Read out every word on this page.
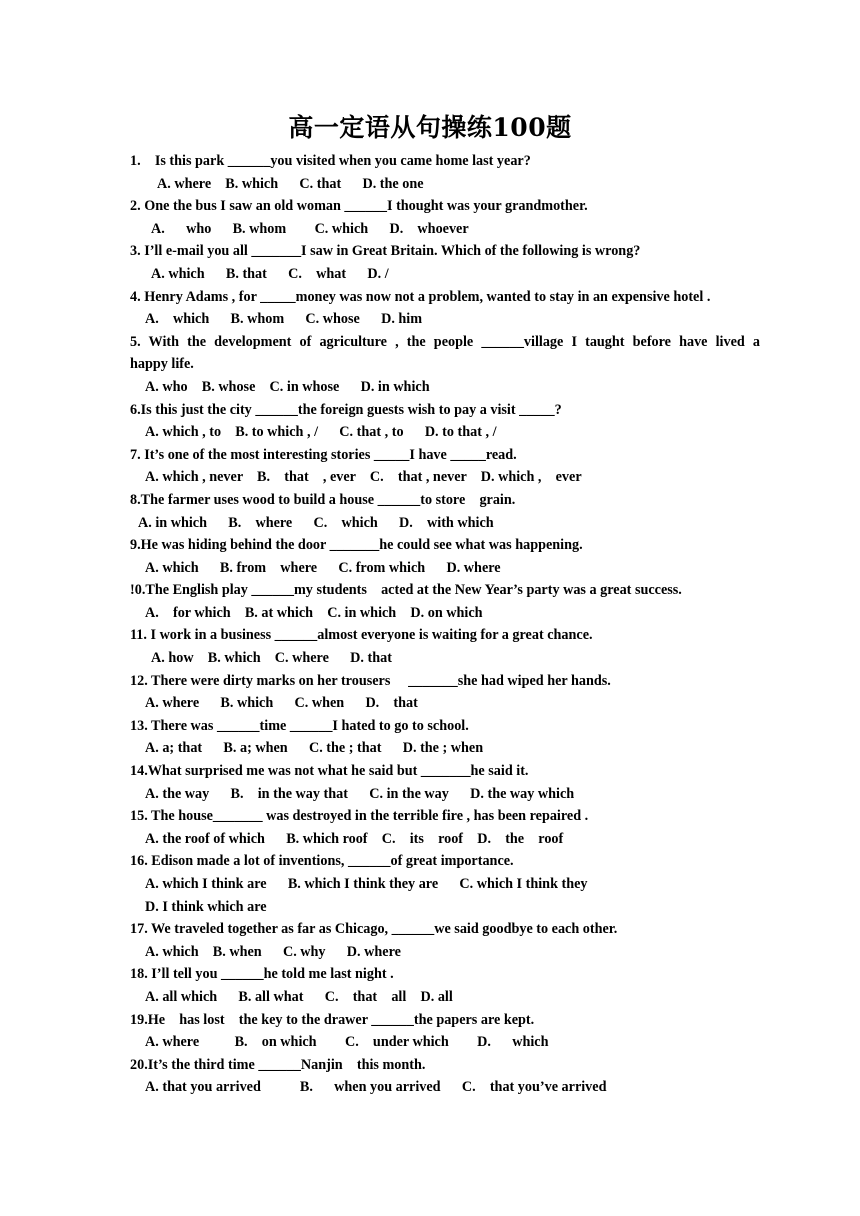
高一定语从句操练100题
1.    Is this park ______you visited when you came home last year?
A. where    B. which      C. that      D. the one
2. One the bus I saw an old woman ______I thought was your grandmother.
A.      who      B. whom        C. which      D.    whoever
3. I’ll e-mail you all _______I saw in Great Britain. Which of the following is wrong?
A. which      B. that      C.    what      D. /
4. Henry Adams , for _____money was now not a problem, wanted to stay in an expensive hotel .
A.    which      B. whom      C. whose      D. him
5. With the development of agriculture , the people ______village I taught before have lived a
happy life.
A. who    B. whose    C. in whose      D. in which
6.Is this just the city ______the foreign guests wish to pay a visit _____?
A. which , to    B. to which , /      C. that , to      D. to that , /
7. It’s one of the most interesting stories _____I have _____read.
A. which , never    B.    that    , ever    C.    that , never    D. which ,    ever
8.The farmer uses wood to build a house ______to store    grain.
A. in which      B.    where      C.    which      D.    with which
9.He was hiding behind the door _______he could see what was happening.
A. which      B. from    where      C. from which      D. where
!0.The English play ______my students    acted at the New Year’s party was a great success.
A.    for which    B. at which    C. in which    D. on which
11. I work in a business ______almost everyone is waiting for a great chance.
A. how    B. which    C. where      D. that
12. There were dirty marks on her trousers     _______she had wiped her hands.
A. where      B. which      C. when      D.    that
13. There was ______time ______I hated to go to school.
A. a; that      B. a; when      C. the ; that      D. the ; when
14.What surprised me was not what he said but _______he said it.
A. the way      B.    in the way that      C. in the way      D. the way which
15. The house_______ was destroyed in the terrible fire , has been repaired .
A. the roof of which      B. which roof    C.    its    roof    D.    the    roof
16. Edison made a lot of inventions, ______of great importance.
A. which I think are      B. which I think they are      C. which I think they
D. I think which are
17. We traveled together as far as Chicago, ______we said goodbye to each other.
A. which    B. when      C. why      D. where
18. I’ll tell you ______he told me last night .
A. all which      B. all what      C.    that    all    D. all
19.He    has lost    the key to the drawer ______the papers are kept.
A. where          B.    on which        C.    under which        D.      which
20.It’s the third time ______Nanjin    this month.
A. that you arrived           B.      when you arrived      C.    that you’ve arrived
